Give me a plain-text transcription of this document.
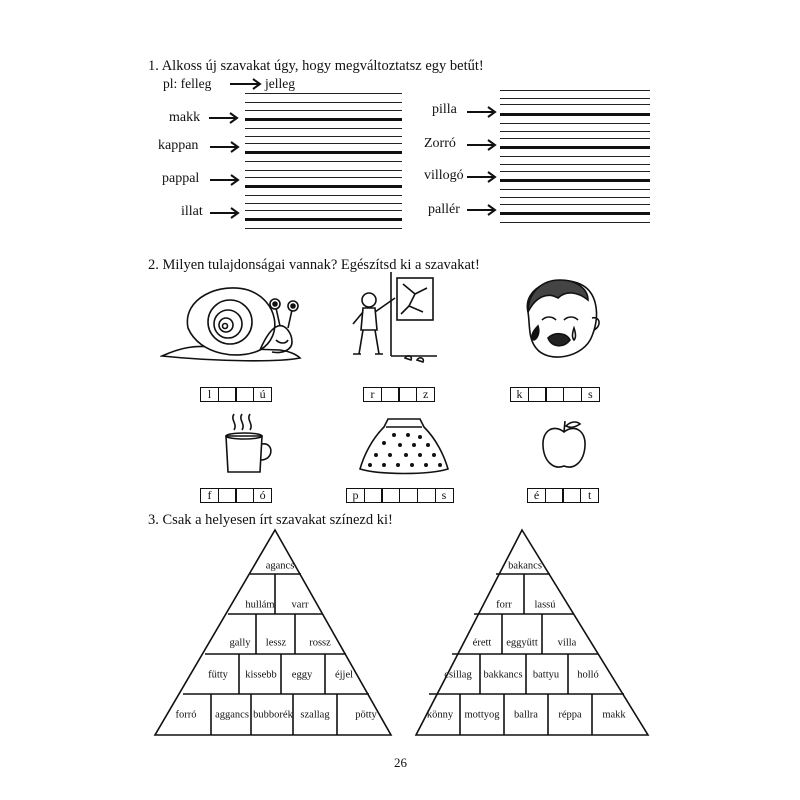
1. Alkoss új szavakat úgy, hogy megváltoztatsz egy betűt!
pl: felleg	jelleg
makk
kappan
pappal
illat
pilla
Zorró
villogó
pallér
2. Milyen tulajdonságai vannak? Egészítsd ki a szavakat!
l	ú	r	z	k	s
f	ó	p	s	é	t
3. Csak a helyesen írt szavakat színezd ki!
agancs
hullám varr
gally lessz rossz
fütty kissebb eggy éjjel
forró aggancs bubborék szallag pötty
bakancs
forr lassú
érett eggyütt villa
csillag bakkancs battyu holló
könny mottyog ballra réppa makk
26
